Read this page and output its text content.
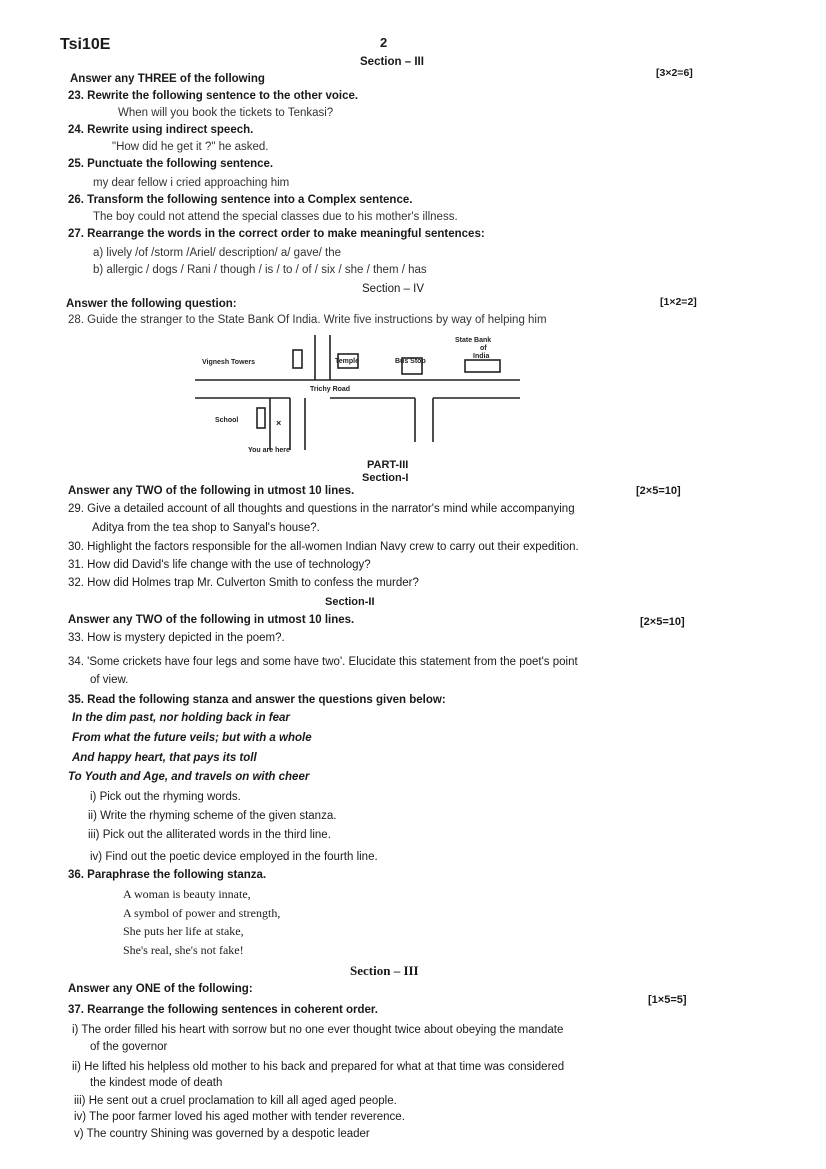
Tsi10E	2
Section – III
[3×2=6]
Answer any THREE of the following
23. Rewrite the following sentence to the other voice.
When will you book the tickets to Tenkasi?
24. Rewrite using indirect speech.
"How did he get it ?" he asked.
25. Punctuate the following sentence.
my dear fellow i cried approaching him
26. Transform the following sentence into a Complex sentence.
The boy could not attend the special classes due to his mother's illness.
27. Rearrange the words in the correct order to make meaningful sentences:
a) lively /of /storm /Ariel/ description/ a/ gave/ the
b) allergic / dogs / Rani / though / is / to / of / six / she / them / has
Section – IV
Answer the following question:	[1×2=2]
28. Guide the stranger to the State Bank Of India. Write five instructions by way of helping him
Vignesh Towers	Temple	Bus Stop
State Bank
of
India
Trichy Road
School	×
You are here
PART-III
Section-I
Answer any TWO of the following in utmost 10 lines.	[2×5=10]
29. Give a detailed account of all thoughts and questions in the narrator's mind while accompanying
Aditya from the tea shop to Sanyal's house?.
30. Highlight the factors responsible for the all-women Indian Navy crew to carry out their expedition.
31. How did David's life change with the use of technology?
32. How did Holmes trap Mr. Culverton Smith to confess the murder?
Section-II
Answer any TWO of the following in utmost 10 lines.	[2×5=10]
33. How is mystery depicted in the poem?.
34. 'Some crickets have four legs and some have two'. Elucidate this statement from the poet's point
of view.
35. Read the following stanza and answer the questions given below:
In the dim past, nor holding back in fear
From what the future veils; but with a whole
And happy heart, that pays its toll
To Youth and Age, and travels on with cheer
i) Pick out the rhyming words.
ii) Write the rhyming scheme of the given stanza.
iii) Pick out the alliterated words in the third line.
iv) Find out the poetic device employed in the fourth line.
36. Paraphrase the following stanza.
A woman is beauty innate,
A symbol of power and strength,
She puts her life at stake,
She's real, she's not fake!
Section – III
Answer any ONE of the following:
[1×5=5]
37. Rearrange the following sentences in coherent order.
i) The order filled his heart with sorrow but no one ever thought twice about obeying the mandate
of the governor
ii) He lifted his helpless old mother to his back and prepared for what at that time was considered
the kindest mode of death
iii) He sent out a cruel proclamation to kill all aged aged people.
iv) The poor farmer loved his aged mother with tender reverence.
v) The country Shining was governed by a despotic leader
